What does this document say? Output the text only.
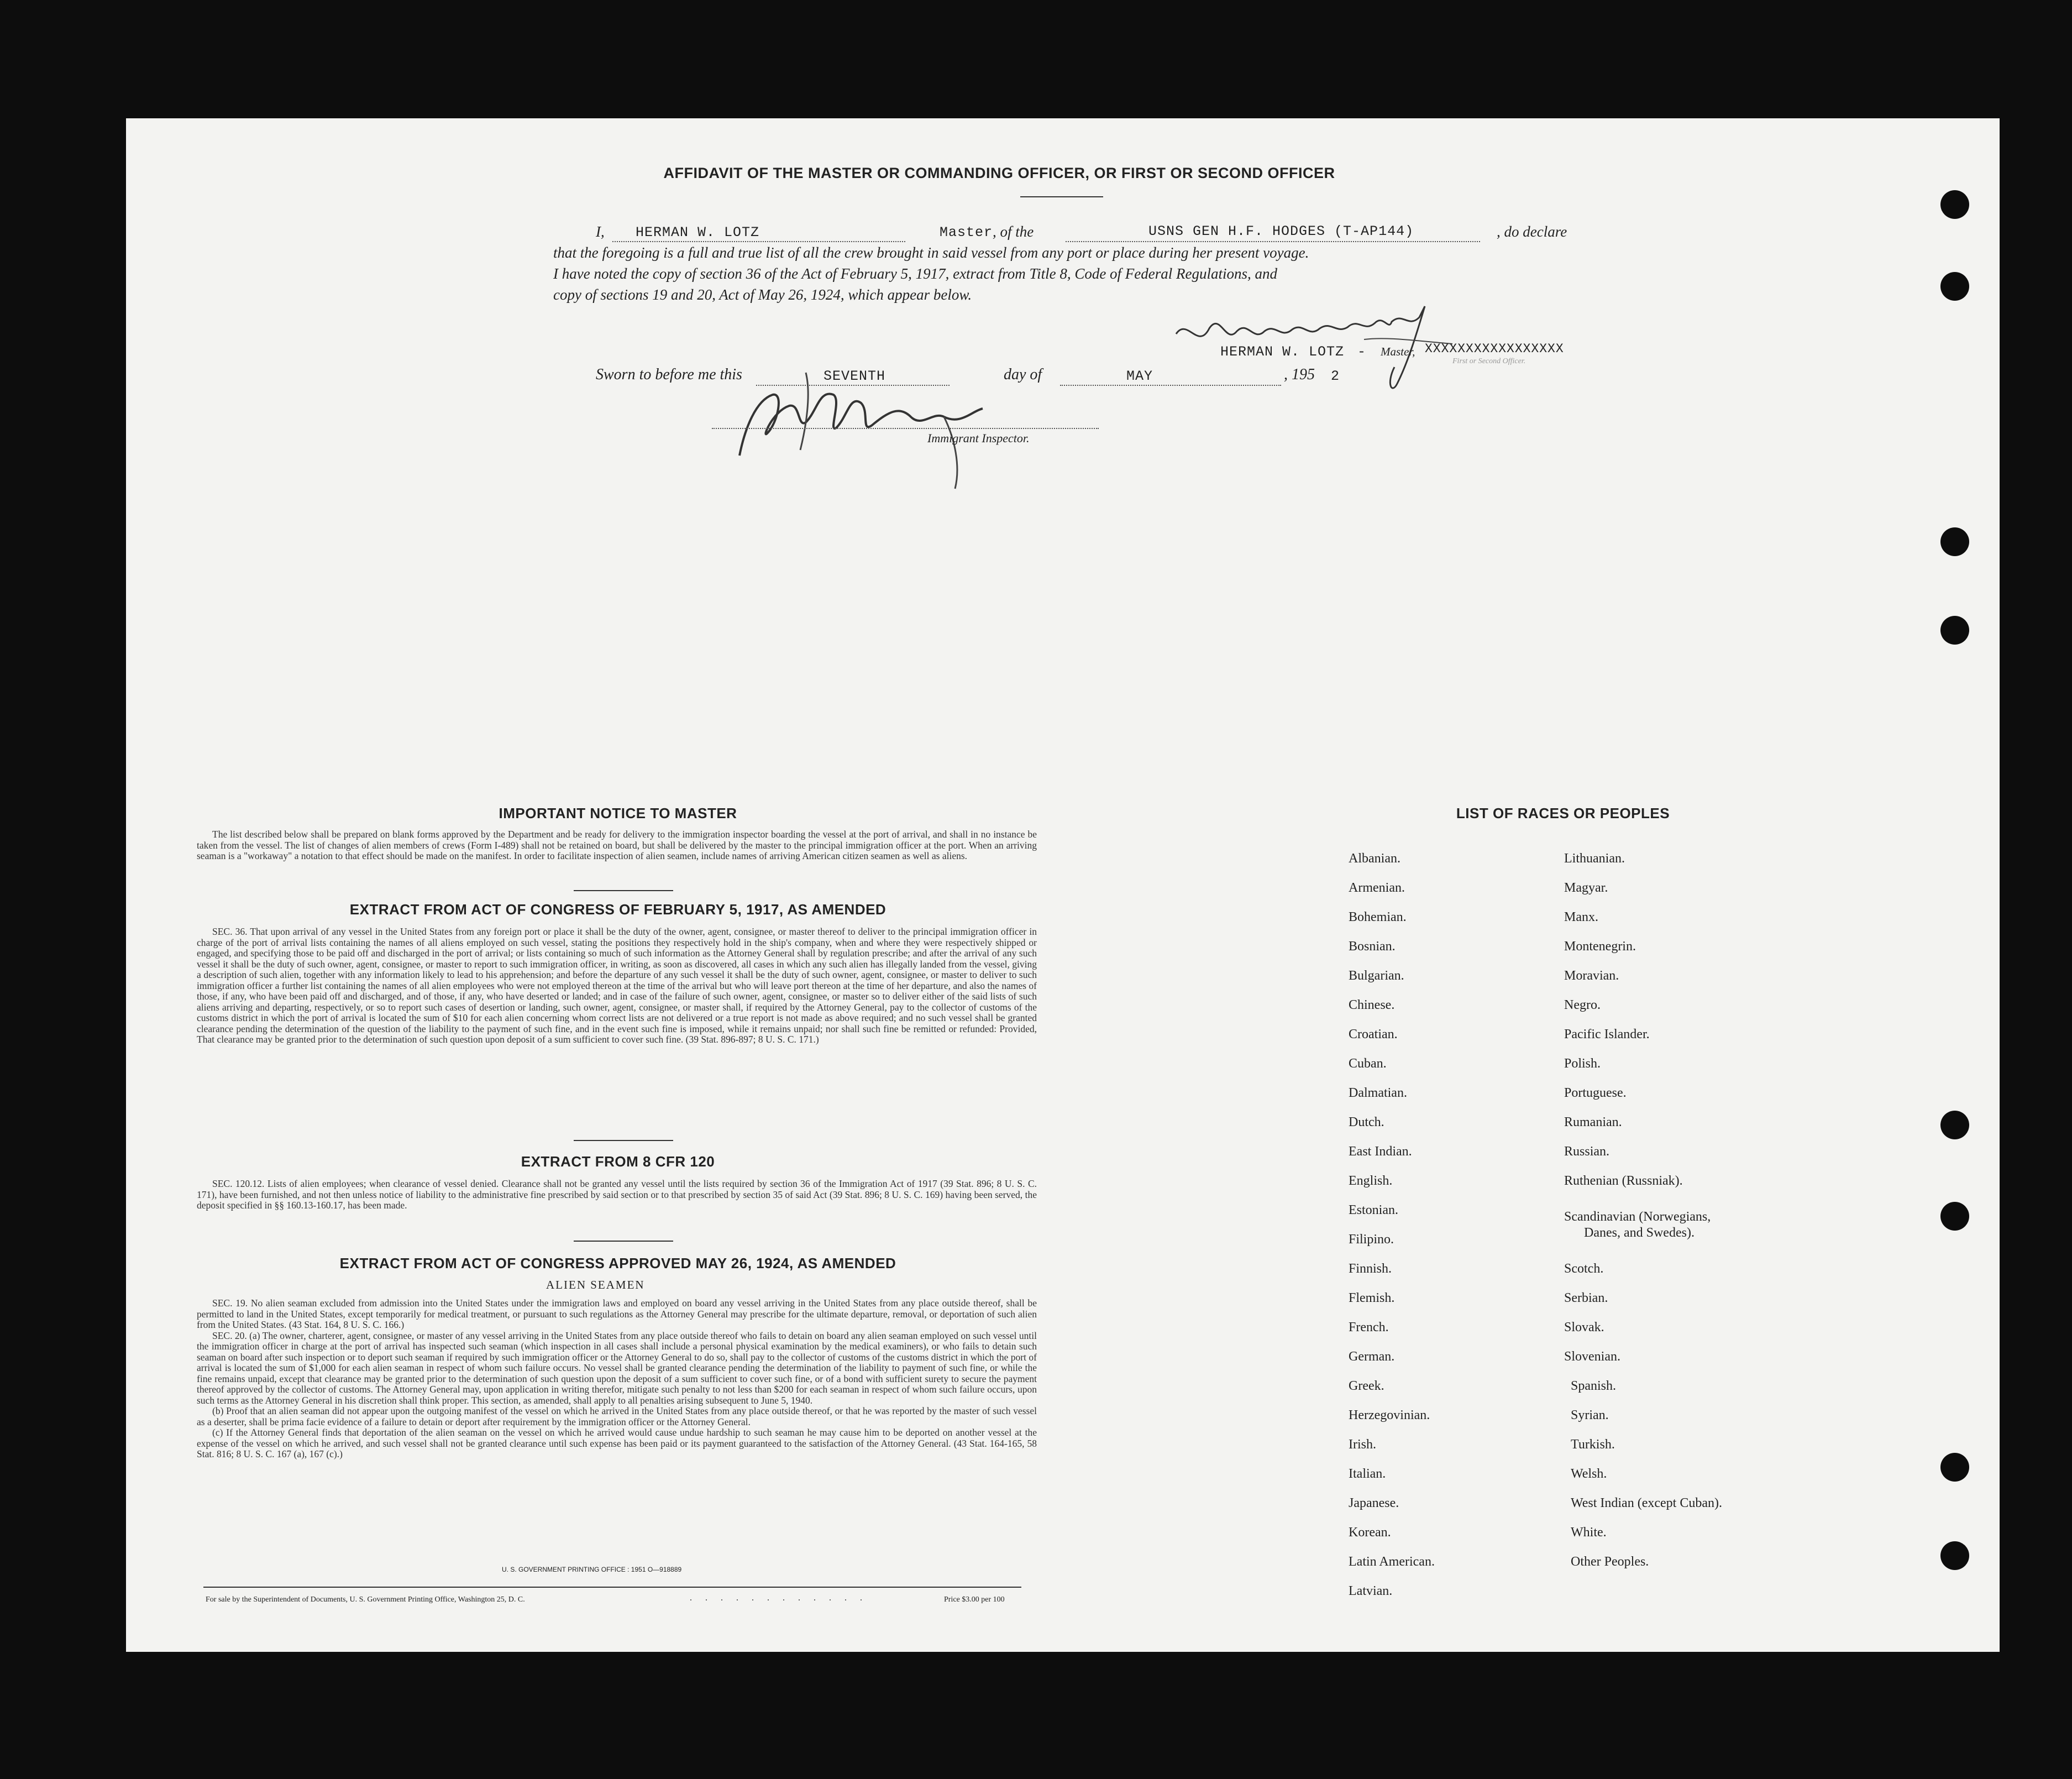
AFFIDAVIT OF THE MASTER OR COMMANDING OFFICER, OR FIRST OR SECOND OFFICER
I, HERMAN W. LOTZ	Master , of the	USNS GEN H.F. HODGES (T-AP144)	, do declare
that the foregoing is a full and true list of all the crew brought in said vessel from any port or place during her present voyage.
I have noted the copy of section 36 of the Act of February 5, 1917, extract from Title 8, Code of Federal Regulations, and
copy of sections 19 and 20, Act of May 26, 1924, which appear below.
HERMAN W. LOTZ - Master, XXXXXXXXXXXXXXXXX
First or Second Officer.
Sworn to before me this	SEVENTH	day of	MAY	, 195 2
Immigrant Inspector.
IMPORTANT NOTICE TO MASTER

The list described below shall be prepared on blank forms approved by the Department and be ready for delivery to the immigration inspector boarding the vessel at the port of arrival, and shall in no instance be taken from the vessel. The list of changes of alien members of crews (Form I-489) shall not be retained on board, but shall be delivered by the master to the principal immigration officer at the port. When an arriving seaman is a "workaway" a notation to that effect should be made on the manifest. In order to facilitate inspection of alien seamen, include names of arriving American citizen seamen as well as aliens.

EXTRACT FROM ACT OF CONGRESS OF FEBRUARY 5, 1917, AS AMENDED

SEC. 36. That upon arrival of any vessel in the United States from any foreign port or place it shall be the duty of the owner, agent, consignee, or master thereof to deliver to the principal immigration officer in charge of the port of arrival lists containing the names of all aliens employed on such vessel, stating the positions they respectively hold in the ship's company, when and where they were respectively shipped or engaged, and specifying those to be paid off and discharged in the port of arrival; or lists containing so much of such information as the Attorney General shall by regulation prescribe; and after the arrival of any such vessel it shall be the duty of such owner, agent, consignee, or master to report to such immigration officer, in writing, as soon as discovered, all cases in which any such alien has illegally landed from the vessel, giving a description of such alien, together with any information likely to lead to his apprehension; and before the departure of any such vessel it shall be the duty of such owner, agent, consignee, or master to deliver to such immigration officer a further list containing the names of all alien employees who were not employed thereon at the time of the arrival but who will leave port thereon at the time of her departure, and also the names of those, if any, who have been paid off and discharged, and of those, if any, who have deserted or landed; and in case of the failure of such owner, agent, consignee, or master so to deliver either of the said lists of such aliens arriving and departing, respectively, or so to report such cases of desertion or landing, such owner, agent, consignee, or master shall, if required by the Attorney General, pay to the collector of customs of the customs district in which the port of arrival is located the sum of $10 for each alien concerning whom correct lists are not delivered or a true report is not made as above required; and no such vessel shall be granted clearance pending the determination of the question of the liability to the payment of such fine, and in the event such fine is imposed, while it remains unpaid; nor shall such fine be remitted or refunded: Provided, That clearance may be granted prior to the determination of such question upon deposit of a sum sufficient to cover such fine. (39 Stat. 896-897; 8 U. S. C. 171.)

EXTRACT FROM 8 CFR 120

SEC. 120.12. Lists of alien employees; when clearance of vessel denied. Clearance shall not be granted any vessel until the lists required by section 36 of the Immigration Act of 1917 (39 Stat. 896; 8 U. S. C. 171), have been furnished, and not then unless notice of liability to the administrative fine prescribed by said section or to that prescribed by section 35 of said Act (39 Stat. 896; 8 U. S. C. 169) having been served, the deposit specified in §§ 160.13-160.17, has been made.

EXTRACT FROM ACT OF CONGRESS APPROVED MAY 26, 1924, AS AMENDED
ALIEN SEAMEN

SEC. 19. No alien seaman excluded from admission into the United States under the immigration laws and employed on board any vessel arriving in the United States from any place outside thereof, shall be permitted to land in the United States, except temporarily for medical treatment, or pursuant to such regulations as the Attorney General may prescribe for the ultimate departure, removal, or deportation of such alien from the United States. (43 Stat. 164, 8 U. S. C. 166.)

SEC. 20. (a) The owner, charterer, agent, consignee, or master of any vessel arriving in the United States from any place outside thereof who fails to detain on board any alien seaman employed on such vessel until the immigration officer in charge at the port of arrival has inspected such seaman (which inspection in all cases shall include a personal physical examination by the medical examiners), or who fails to detain such seaman on board after such inspection or to deport such seaman if required by such immigration officer or the Attorney General to do so, shall pay to the collector of customs of the customs district in which the port of arrival is located the sum of $1,000 for each alien seaman in respect of whom such failure occurs. No vessel shall be granted clearance pending the determination of the liability to payment of such fine, or while the fine remains unpaid, except that clearance may be granted prior to the determination of such question upon the deposit of a sum sufficient to cover such fine, or of a bond with sufficient surety to secure the payment thereof approved by the collector of customs. The Attorney General may, upon application in writing therefor, mitigate such penalty to not less than $200 for each seaman in respect of whom such failure occurs, upon such terms as the Attorney General in his discretion shall think proper. This section, as amended, shall apply to all penalties arising subsequent to June 5, 1940.

(b) Proof that an alien seaman did not appear upon the outgoing manifest of the vessel on which he arrived in the United States from any place outside thereof, or that he was reported by the master of such vessel as a deserter, shall be prima facie evidence of a failure to detain or deport after requirement by the immigration officer or the Attorney General.

(c) If the Attorney General finds that deportation of the alien seaman on the vessel on which he arrived would cause undue hardship to such seaman he may cause him to be deported on another vessel at the expense of the vessel on which he arrived, and such vessel shall not be granted clearance until such expense has been paid or its payment guaranteed to the satisfaction of the Attorney General. (43 Stat. 164-165, 58 Stat. 816; 8 U. S. C. 167 (a), 167 (c).)

U. S. GOVERNMENT PRINTING OFFICE : 1951 O—918889
For sale by the Superintendent of Documents, U. S. Government Printing Office, Washington 25, D. C.	. . . . . . . . . . . .	Price $3.00 per 100
LIST OF RACES OR PEOPLES
Albanian.
Armenian.
Bohemian.
Bosnian.
Bulgarian.
Chinese.
Croatian.
Cuban.
Dalmatian.
Dutch.
East Indian.
English.
Estonian.
Filipino.
Finnish.
Flemish.
French.
German.
Greek.
Herzegovinian.
Irish.
Italian.
Japanese.
Korean.
Latin American.
Latvian.
Lithuanian.
Magyar.
Manx.
Montenegrin.
Moravian.
Negro.
Pacific Islander.
Polish.
Portuguese.
Rumanian.
Russian.
Ruthenian (Russniak).
Scandinavian (Norwegians,
Danes, and Swedes).
Scotch.
Serbian.
Slovak.
Slovenian.
Spanish.
Syrian.
Turkish.
Welsh.
West Indian (except Cuban).
White.
Other Peoples.
